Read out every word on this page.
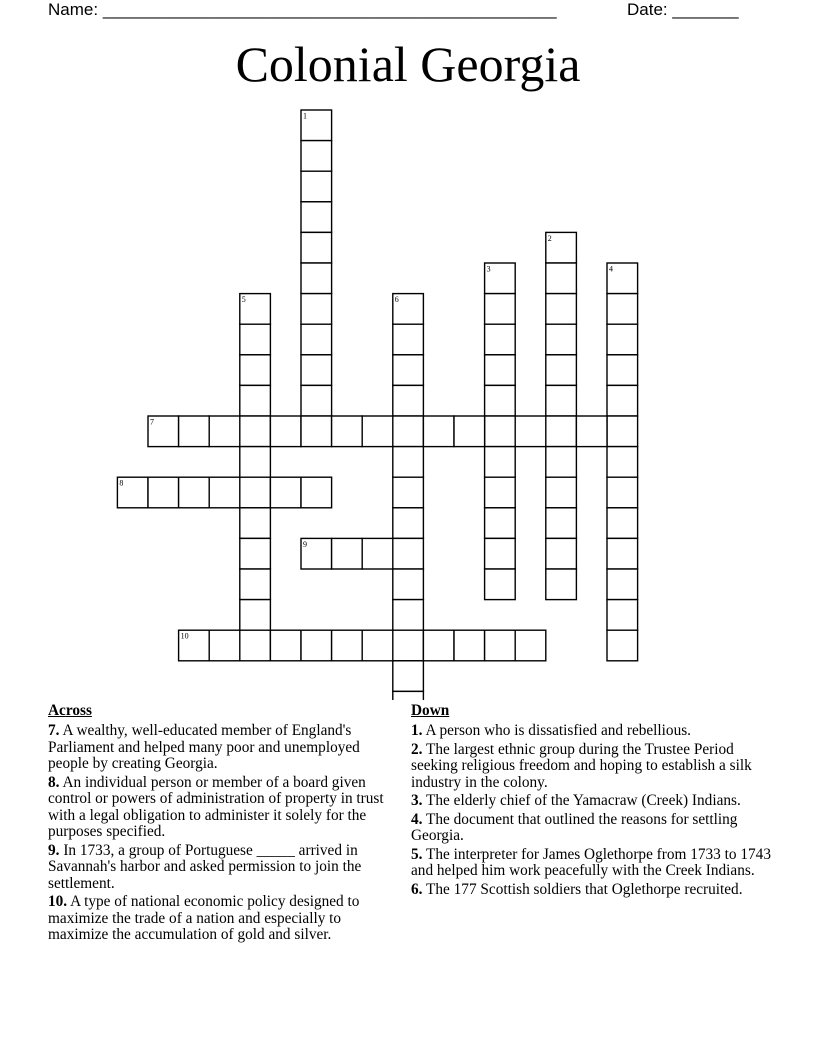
Name: ________________________________________________	Date: _______
Colonial Georgia
1
2
3	4
5	6
7
8
9
10
Across
7. A wealthy, well-educated member of England's Parliament and helped many poor and unemployed people by creating Georgia.
8. An individual person or member of a board given control or powers of administration of property in trust with a legal obligation to administer it solely for the purposes specified.
9. In 1733, a group of Portuguese _____ arrived in Savannah's harbor and asked permission to join the settlement.
10. A type of national economic policy designed to maximize the trade of a nation and especially to maximize the accumulation of gold and silver.
Down
1. A person who is dissatisfied and rebellious.
2. The largest ethnic group during the Trustee Period seeking religious freedom and hoping to establish a silk industry in the colony.
3. The elderly chief of the Yamacraw (Creek) Indians.
4. The document that outlined the reasons for settling Georgia.
5. The interpreter for James Oglethorpe from 1733 to 1743 and helped him work peacefully with the Creek Indians.
6. The 177 Scottish soldiers that Oglethorpe recruited.
